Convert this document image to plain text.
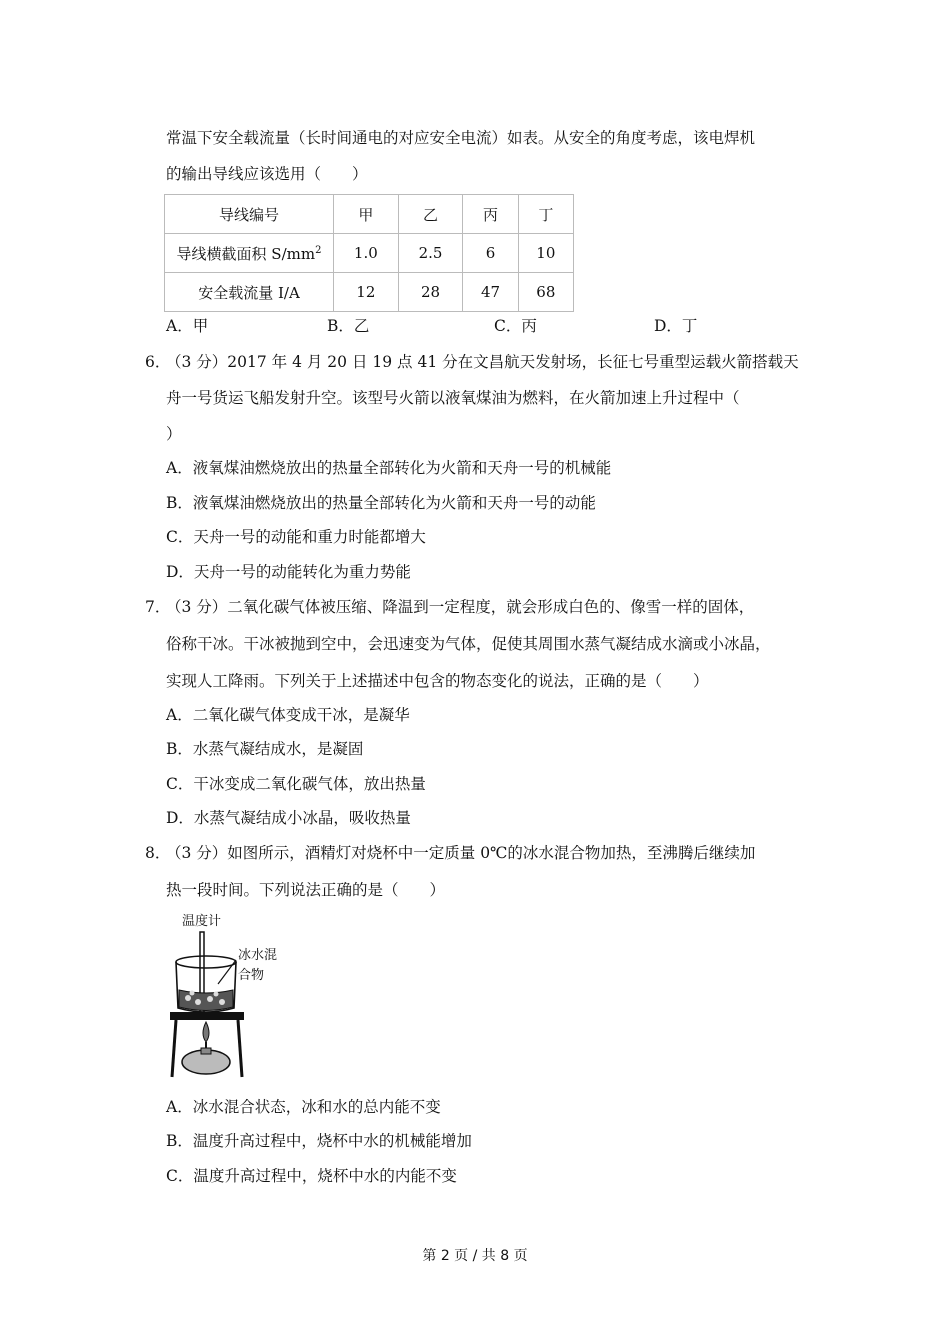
常温下安全载流量（长时间通电的对应安全电流）如表。从安全的角度考虑，该电焊机
的输出导线应该选用（　　）
导线编号	甲	乙	丙	丁
导线横截面积 $S/mm^2$	1.0	2.5	6	10
安全载流量 I/A	12	28	47	68
A．甲	B．乙	C．丙	D．丁
6．
（3 分）2017 年 4 月 20 日 19 点 41 分在文昌航天发射场，长征七号重型运载火箭搭载天
舟一号货运飞船发射升空。该型号火箭以液氧煤油为燃料，在火箭加速上升过程中（
）
A．液氧煤油燃烧放出的热量全部转化为火箭和天舟一号的机械能
B．液氧煤油燃烧放出的热量全部转化为火箭和天舟一号的动能
C．天舟一号的动能和重力时能都增大
D．天舟一号的动能转化为重力势能
7．
（3 分）二氧化碳气体被压缩、降温到一定程度，就会形成白色的、像雪一样的固体，
俗称干冰。干冰被抛到空中，会迅速变为气体，促使其周围水蒸气凝结成水滴或小冰晶，
实现人工降雨。下列关于上述描述中包含的物态变化的说法，正确的是（　　）
A．二氧化碳气体变成干冰，是凝华
B．水蒸气凝结成水，是凝固
C．干冰变成二氧化碳气体，放出热量
D．水蒸气凝结成小冰晶，吸收热量
8．
（3 分）如图所示，酒精灯对烧杯中一定质量 0℃的冰水混合物加热，至沸腾后继续加
热一段时间。下列说法正确的是（　　）
温度计
冰水混
合物
A．冰水混合状态，冰和水的总内能不变
B．温度升高过程中，烧杯中水的机械能增加
C．温度升高过程中，烧杯中水的内能不变
第 2 页 / 共 8 页
